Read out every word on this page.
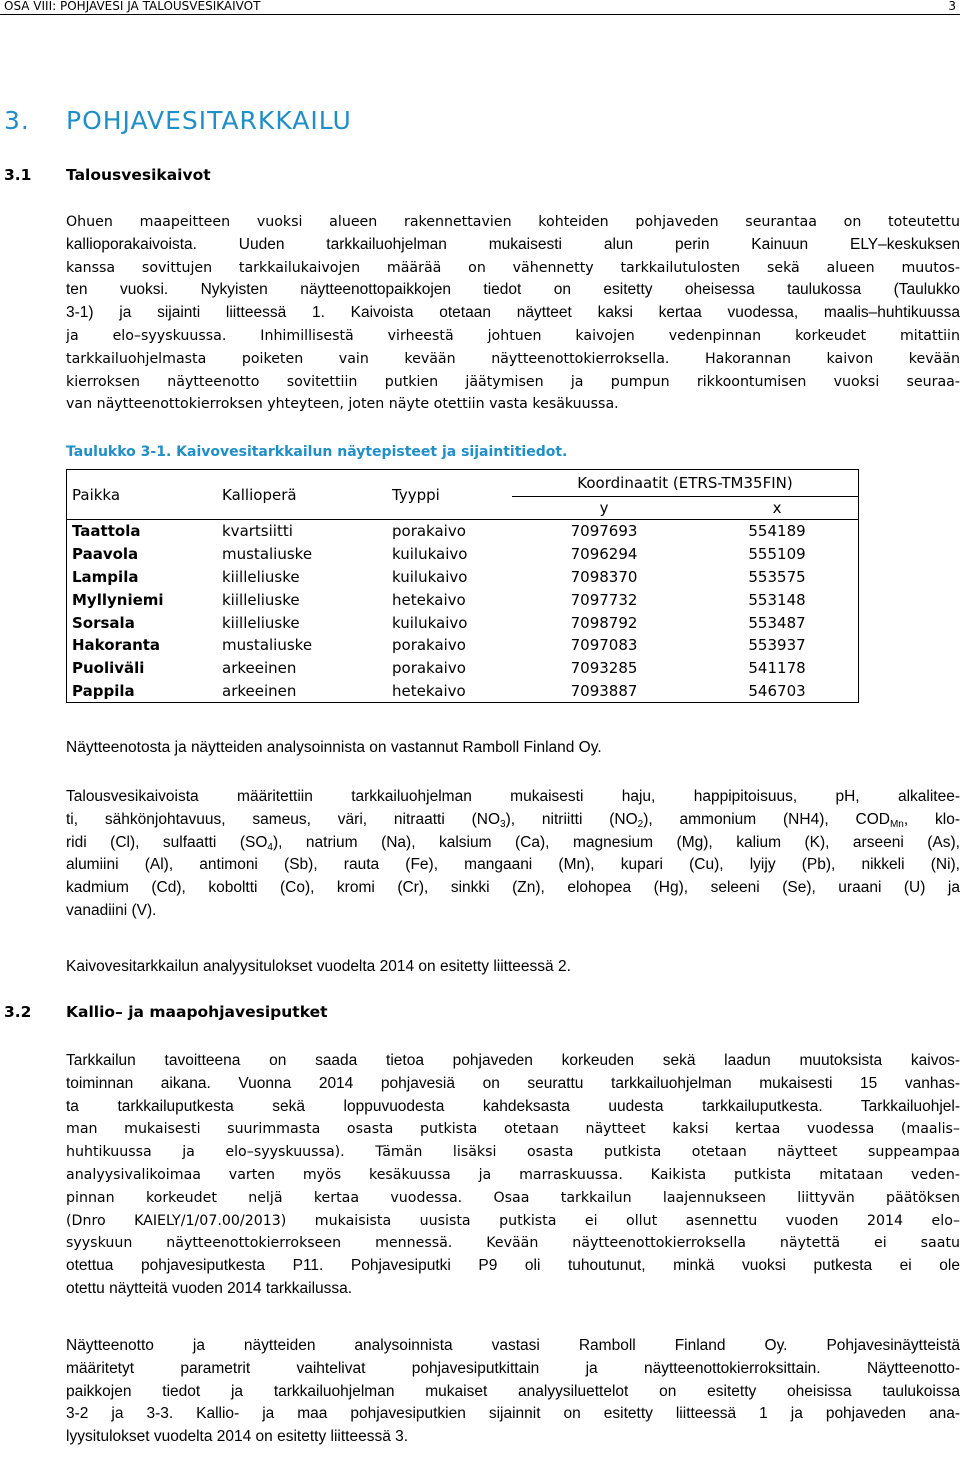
OSA VIII: POHJAVESI JA TALOUSVESIKAIVOT	3
3. POHJAVESITARKKAILU
3.1 Talousvesikaivot
Ohuen maapeitteen vuoksi alueen rakennettavien kohteiden pohjaveden seurantaa on toteutettu
kallioporakaivoista. Uuden tarkkailuohjelman mukaisesti alun perin Kainuun ELY–keskuksen
kanssa sovittujen tarkkailukaivojen määrää on vähennetty tarkkailutulosten sekä alueen muutos-
ten vuoksi. Nykyisten näytteenottopaikkojen tiedot on esitetty oheisessa taulukossa (Taulukko
3-1) ja sijainti liitteessä 1. Kaivoista otetaan näytteet kaksi kertaa vuodessa, maalis–huhtikuussa
ja elo–syyskuussa. Inhimillisestä virheestä johtuen kaivojen vedenpinnan korkeudet mitattiin
tarkkailuohjelmasta poiketen vain kevään näytteenottokierroksella. Hakorannan kaivon kevään
kierroksen näytteenotto sovitettiin putkien jäätymisen ja pumpun rikkoontumisen vuoksi seuraa-
van näytteenottokierroksen yhteyteen, joten näyte otettiin vasta kesäkuussa.
Taulukko 3-1. Kaivovesitarkkailun näytepisteet ja sijaintitiedot.
Paikka	Kallioperä	Tyyppi	Koordinaatit (ETRS-TM35FIN)	
			y	x
Taattola	kvartsiitti	porakaivo	7097693	554189
Paavola	mustaliuske	kuilukaivo	7096294	555109
Lampila	kiilleliuske	kuilukaivo	7098370	553575
Myllyniemi	kiilleliuske	hetekaivo	7097732	553148
Sorsala	kiilleliuske	kuilukaivo	7098792	553487
Hakoranta	mustaliuske	porakaivo	7097083	553937
Puoliväli	arkeeinen	porakaivo	7093285	541178
Pappila	arkeeinen	hetekaivo	7093887	546703
Näytteenotosta ja näytteiden analysoinnista on vastannut Ramboll Finland Oy.
Talousvesikaivoista määritettiin tarkkailuohjelman mukaisesti haju, happipitoisuus, pH, alkalitee-
ti, sähkönjohtavuus, sameus, väri, nitraatti $(NO_3)$, nitriitti $(NO_2)$, ammonium (NH4), $COD_{Mn}$, klo-
ridi (Cl), sulfaatti $(SO_4)$, natrium (Na), kalsium (Ca), magnesium (Mg), kalium (K), arseeni (As),
alumiini (Al), antimoni (Sb), rauta (Fe), mangaani (Mn), kupari (Cu), lyijy (Pb), nikkeli (Ni),
kadmium (Cd), koboltti (Co), kromi (Cr), sinkki (Zn), elohopea (Hg), seleeni (Se), uraani (U) ja
vanadiini (V).
Kaivovesitarkkailun analyysitulokset vuodelta 2014 on esitetty liitteessä 2.
3.2 Kallio– ja maapohjavesiputket
Tarkkailun tavoitteena on saada tietoa pohjaveden korkeuden sekä laadun muutoksista kaivos-
toiminnan aikana. Vuonna 2014 pohjavesiä on seurattu tarkkailuohjelman mukaisesti 15 vanhas-
ta tarkkailuputkesta sekä loppuvuodesta kahdeksasta uudesta tarkkailuputkesta. Tarkkailuohjel-
man mukaisesti suurimmasta osasta putkista otetaan näytteet kaksi kertaa vuodessa (maalis–
huhtikuussa ja elo–syyskuussa). Tämän lisäksi osasta putkista otetaan näytteet suppeampaa
analyysivalikoimaa varten myös kesäkuussa ja marraskuussa. Kaikista putkista mitataan veden-
pinnan korkeudet neljä kertaa vuodessa. Osaa tarkkailun laajennukseen liittyvän päätöksen
(Dnro KAIELY/1/07.00/2013) mukaisista uusista putkista ei ollut asennettu vuoden 2014 elo–
syyskuun näytteenottokierrokseen mennessä. Kevään näytteenottokierroksella näytettä ei saatu
otettua pohjavesiputkesta P11. Pohjavesiputki P9 oli tuhoutunut, minkä vuoksi putkesta ei ole
otettu näytteitä vuoden 2014 tarkkailussa.
Näytteenotto ja näytteiden analysoinnista vastasi Ramboll Finland Oy. Pohjavesinäytteistä
määritetyt parametrit vaihtelivat pohjavesiputkittain ja näytteenottokierroksittain. Näytteenotto-
paikkojen tiedot ja tarkkailuohjelman mukaiset analyysiluettelot on esitetty oheisissa taulukoissa
3-2 ja 3-3. Kallio- ja maa pohjavesiputkien sijainnit on esitetty liitteessä 1 ja pohjaveden ana-
lyysitulokset vuodelta 2014 on esitetty liitteessä 3.
